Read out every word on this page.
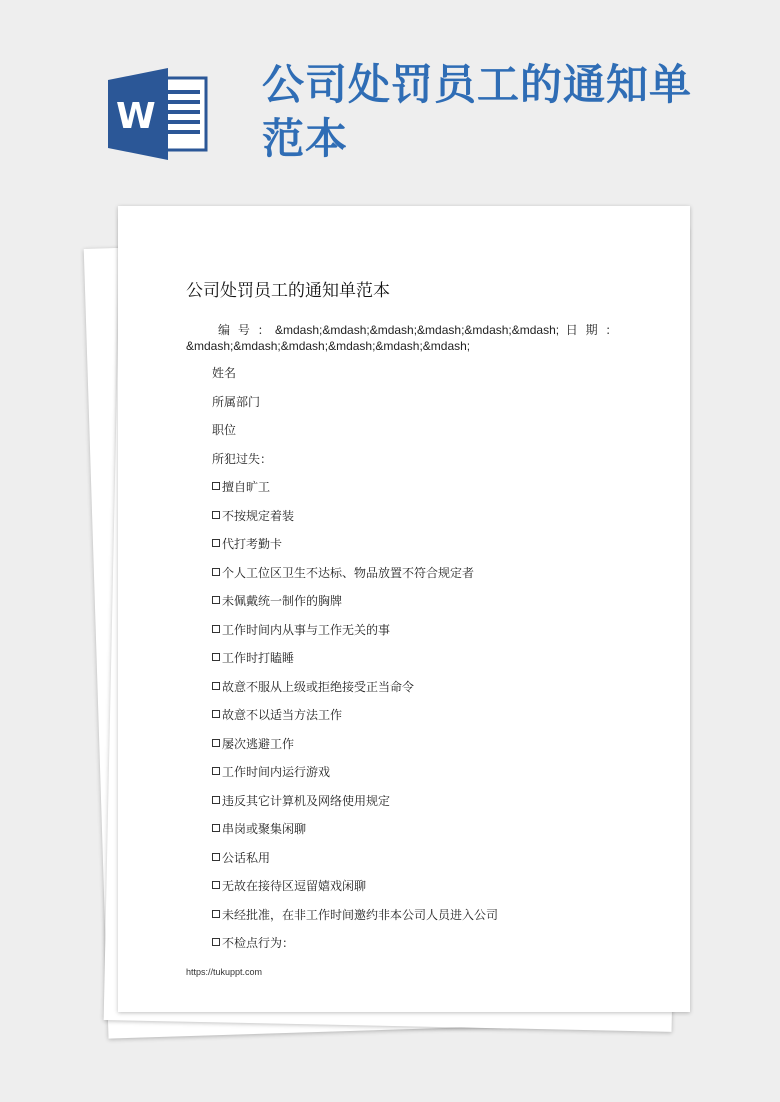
W
公司处罚员工的通知单范本
公司处罚员工的通知单范本
编 号 ： &mdash;&mdash;&mdash;&mdash;&mdash;&mdash; 日 期 ： &mdash;&mdash;&mdash;&mdash;&mdash;&mdash;
姓名
所属部门
职位
所犯过失：
擅自旷工
不按规定着装
代打考勤卡
个人工位区卫生不达标、物品放置不符合规定者
未佩戴统一制作的胸牌
工作时间内从事与工作无关的事
工作时打瞌睡
故意不服从上级或拒绝接受正当命令
故意不以适当方法工作
屡次逃避工作
工作时间内运行游戏
违反其它计算机及网络使用规定
串岗或聚集闲聊
公话私用
无故在接待区逗留嬉戏闲聊
未经批准，在非工作时间邀约非本公司人员进入公司
不检点行为：
https://tukuppt.com
